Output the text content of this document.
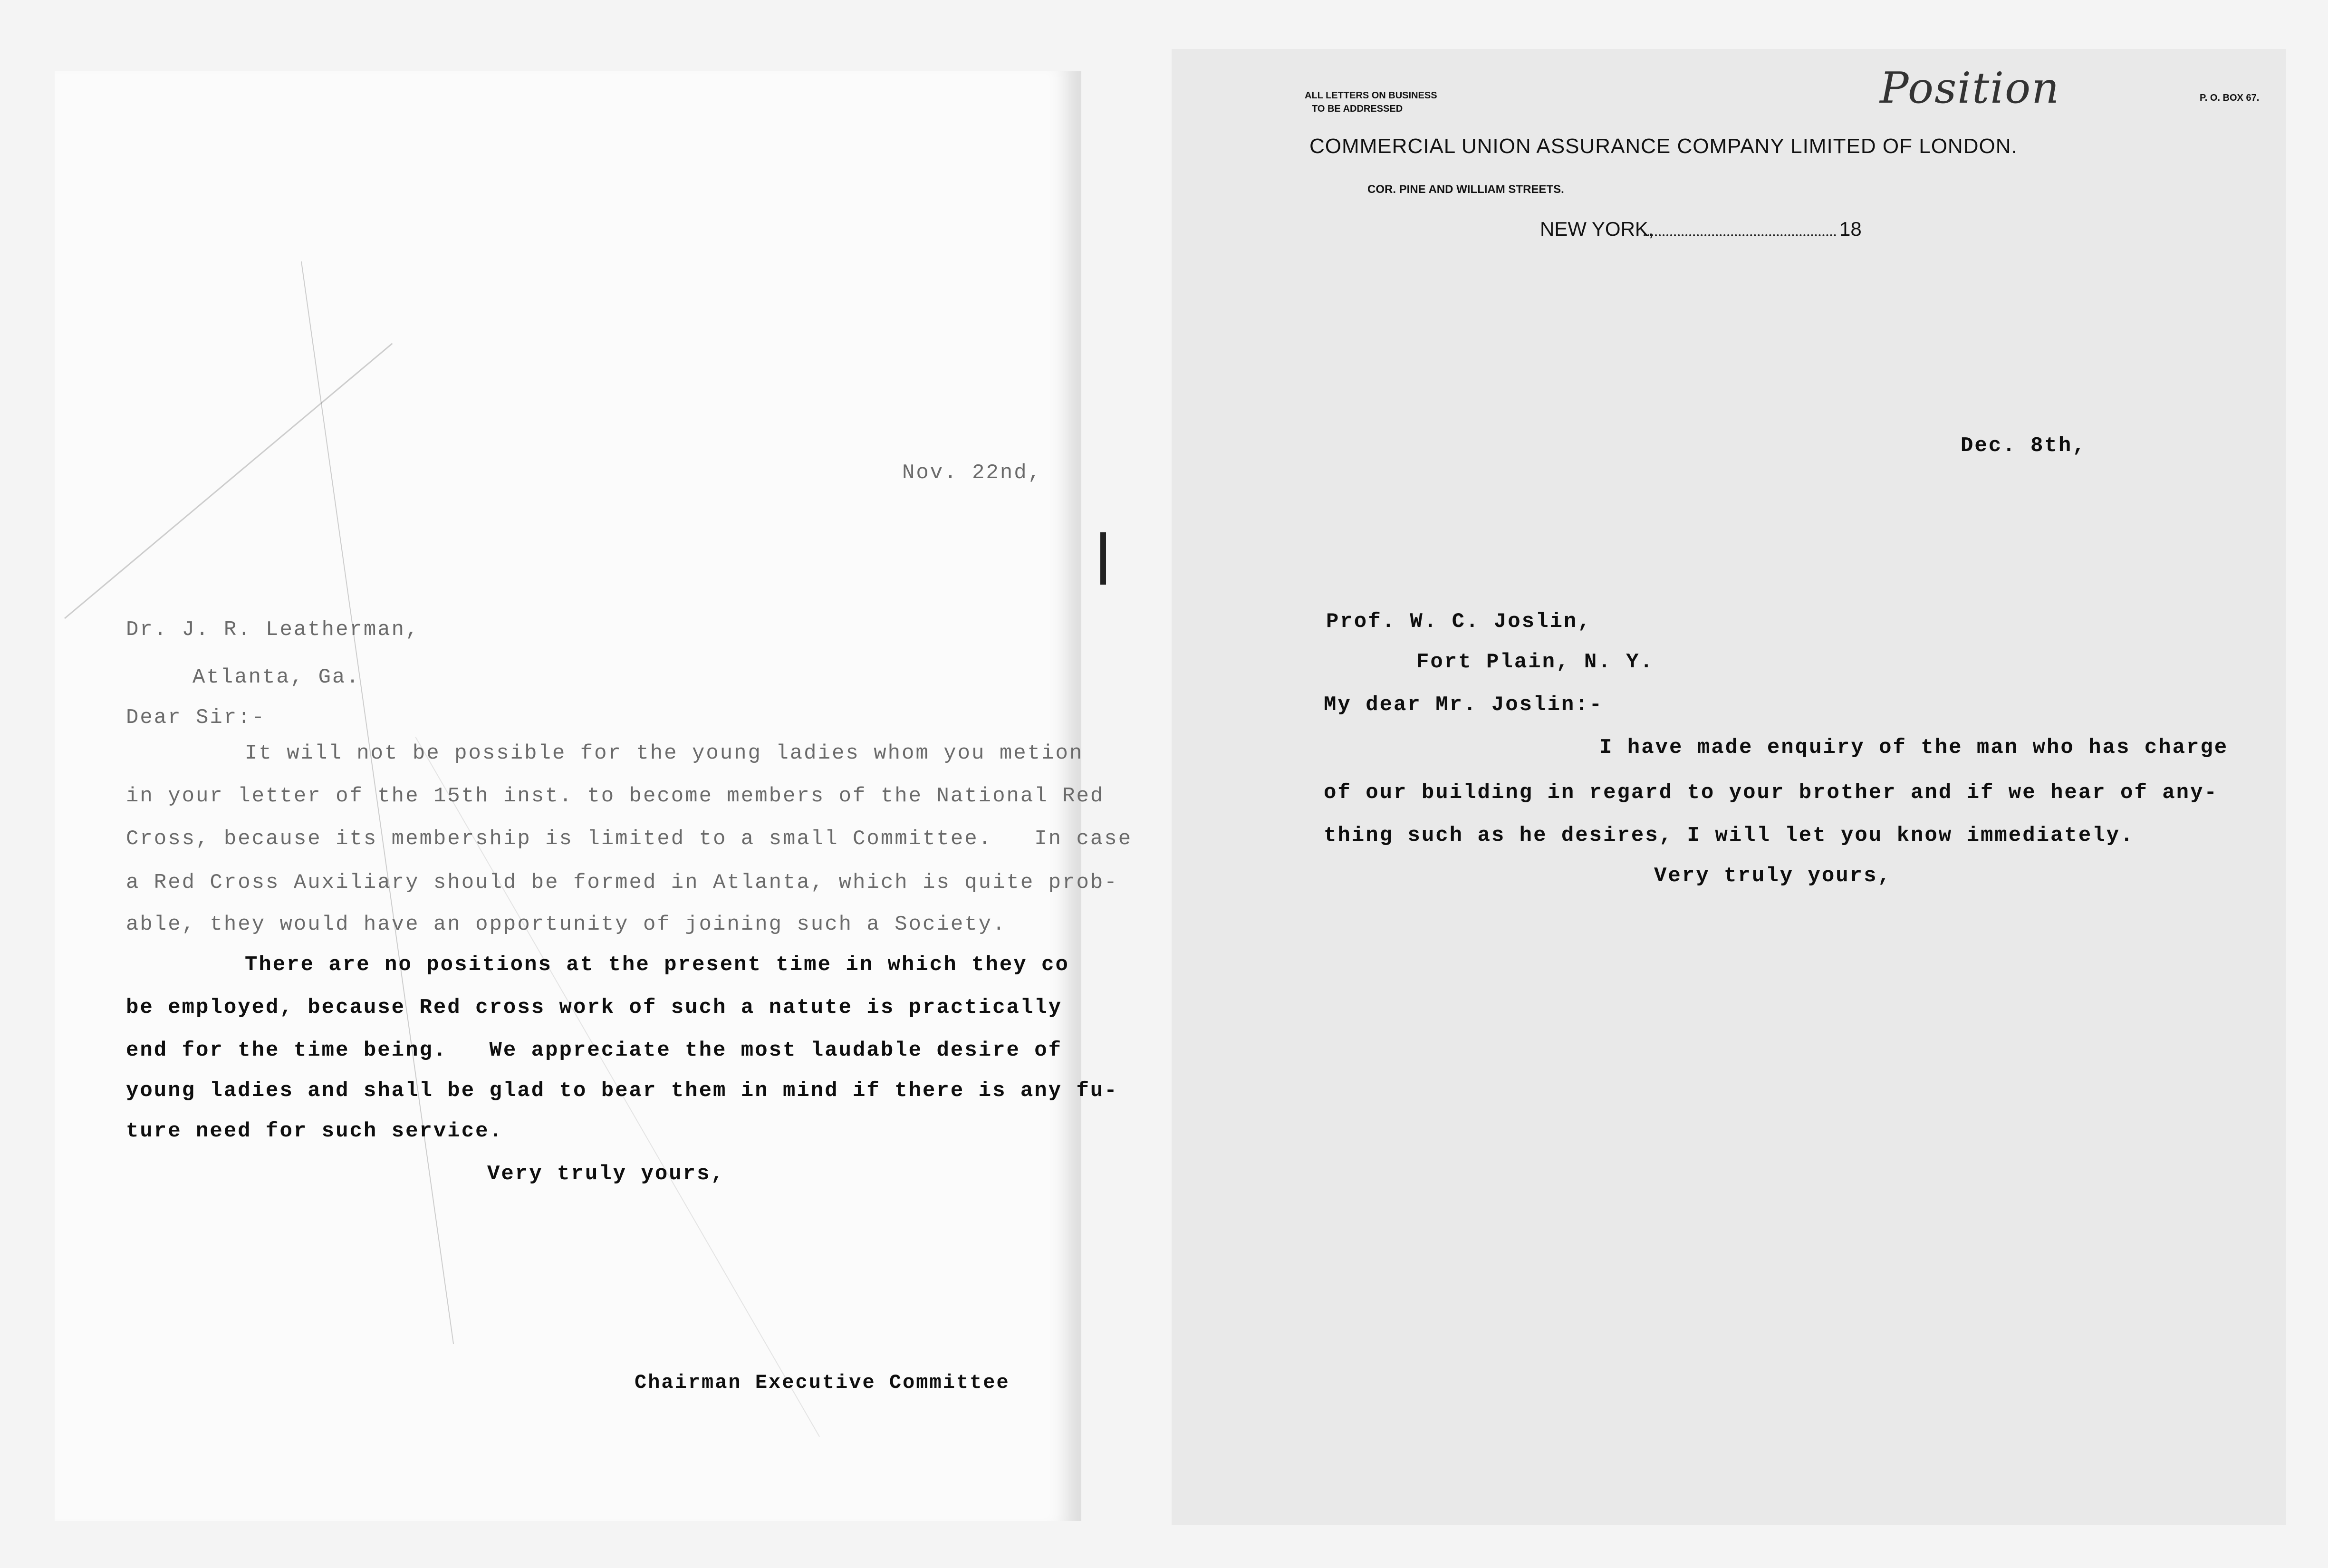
Nov. 22nd,
Dr. J. R. Leatherman,
Atlanta, Ga.
Dear Sir:-
It will not be possible for the young ladies whom you metion
in your letter of the 15th inst. to become members of the National Red
Cross, because its membership is limited to a small Committee.   In case
a Red Cross Auxiliary should be formed in Atlanta, which is quite prob-
able, they would have an opportunity of joining such a Society.
There are no positions at the present time in which they co
be employed, because Red cross work of such a natute is practically
end for the time being.   We appreciate the most laudable desire of
young ladies and shall be glad to bear them in mind if there is any fu-
ture need for such service.
Very truly yours,
Chairman Executive Committee
ALL LETTERS ON BUSINESS
TO BE ADDRESSED	Position	P. O. BOX 67.
COMMERCIAL UNION ASSURANCE COMPANY LIMITED OF LONDON.
COR. PINE AND WILLIAM STREETS.
NEW YORK,	18
Dec. 8th,
Prof. W. C. Joslin,
Fort Plain, N. Y.
My dear Mr. Joslin:-
I have made enquiry of the man who has charge
of our building in regard to your brother and if we hear of any-
thing such as he desires, I will let you know immediately.
Very truly yours,
